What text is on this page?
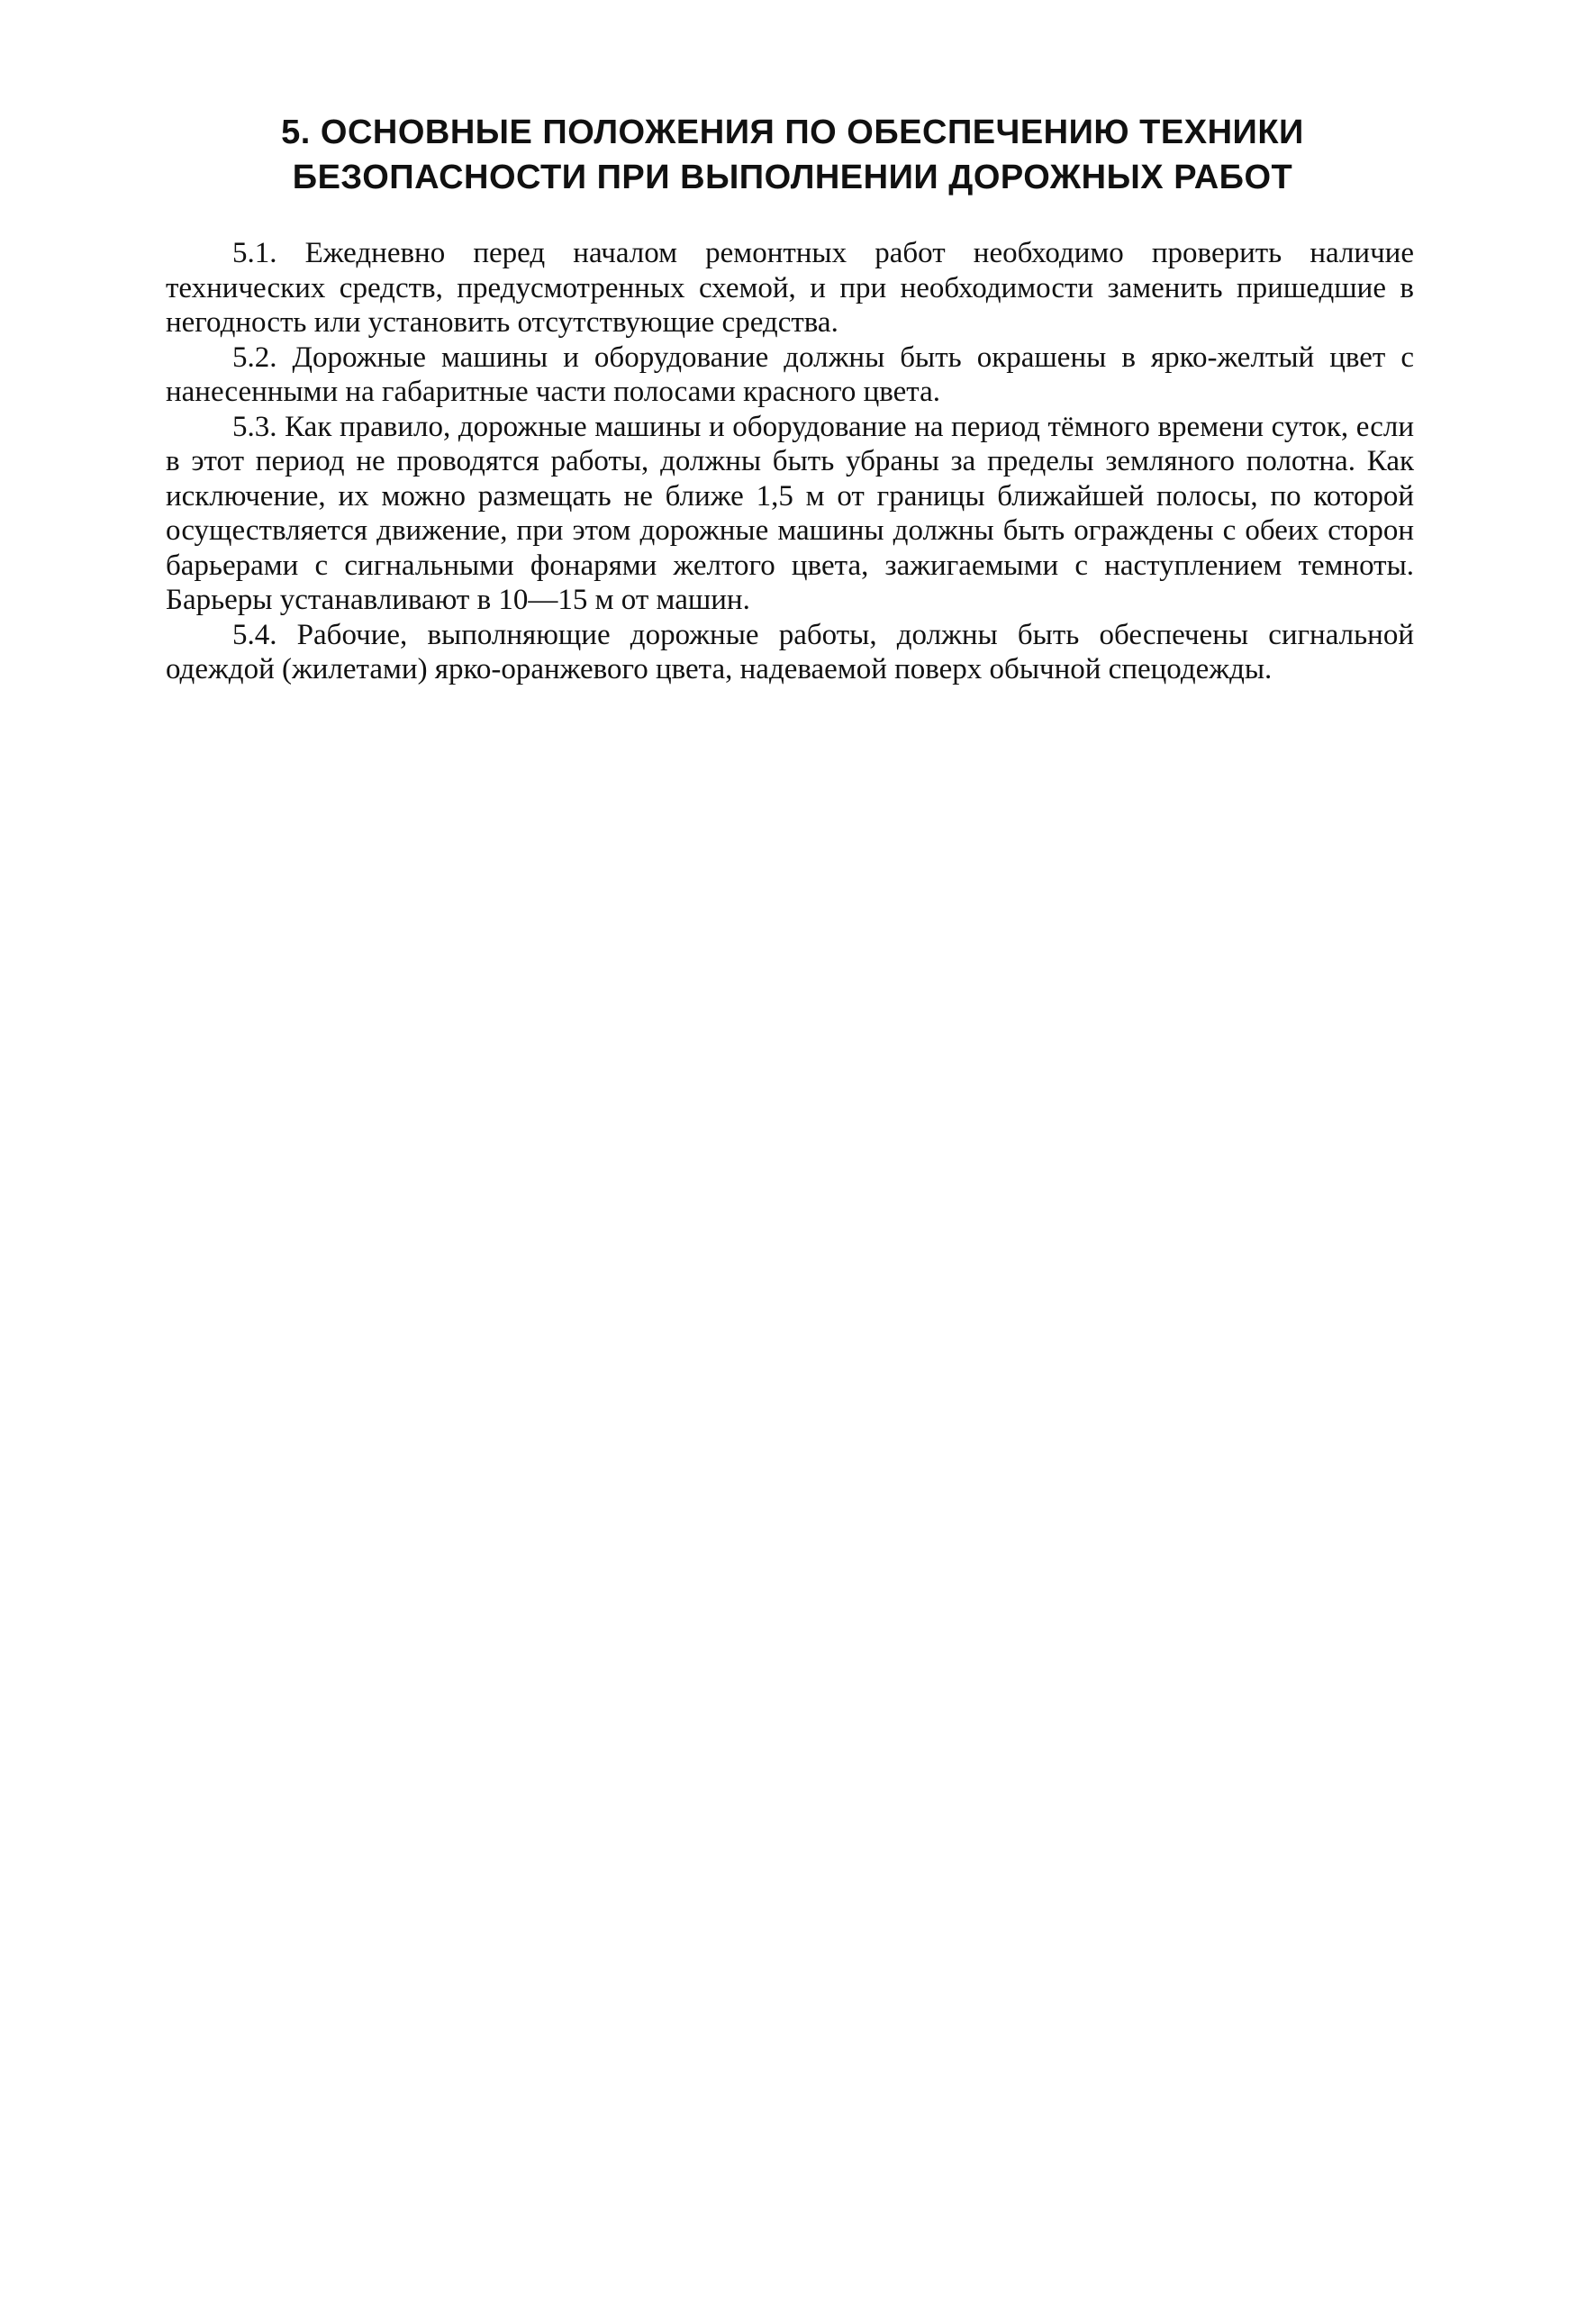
5. ОСНОВНЫЕ ПОЛОЖЕНИЯ ПО ОБЕСПЕЧЕНИЮ ТЕХНИКИ
БЕЗОПАСНОСТИ ПРИ ВЫПОЛНЕНИИ ДОРОЖНЫХ РАБОТ

5.1. Ежедневно перед началом ремонтных работ необходимо проверить наличие технических средств, предусмотренных схемой, и при необходимости заменить пришедшие в негодность или установить отсутствующие средства.

5.2. Дорожные машины и оборудование должны быть окрашены в ярко-желтый цвет с нанесенными на габаритные части полосами красного цвета.

5.3. Как правило, дорожные машины и оборудование на период тёмного времени суток, если в этот период не проводятся работы, должны быть убраны за пределы земляного полотна. Как исключение, их можно размещать не ближе 1,5 м от границы ближайшей полосы, по которой осуществляется движение, при этом дорожные машины должны быть ограждены с обеих сторон барьерами с сигнальными фонарями желтого цвета, зажигаемыми с наступлением темноты. Барьеры устанавливают в 10—15 м от машин.

5.4. Рабочие, выполняющие дорожные работы, должны быть обеспечены сигнальной одеждой (жилетами) ярко-оранжевого цвета, надеваемой поверх обычной спецодежды.
